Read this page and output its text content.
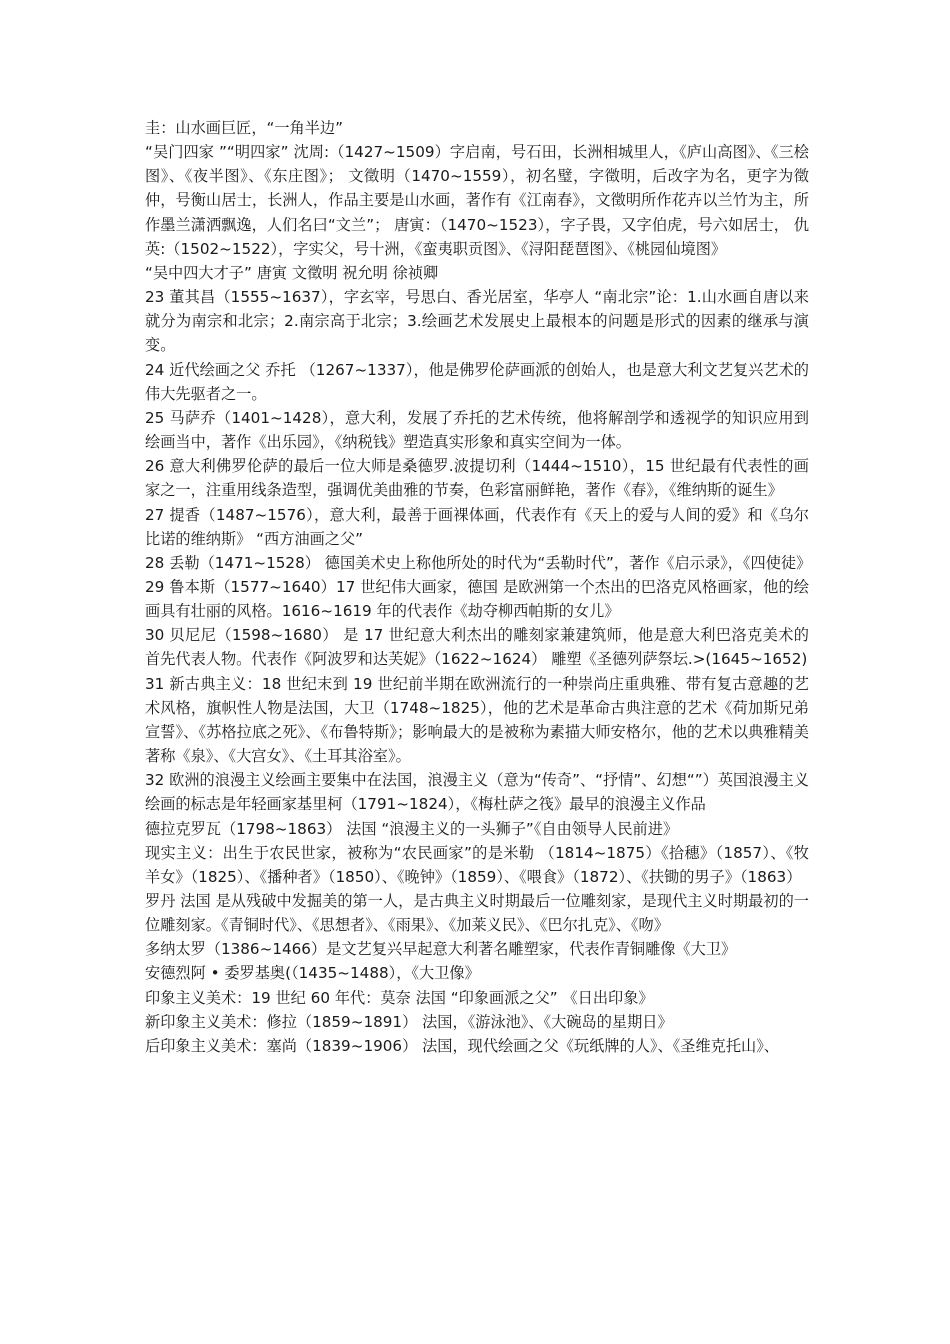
圭：山水画巨匠，“一角半边”

“吴门四家 ”“明四家” 沈周:（1427~1509）字启南，号石田，长洲相城里人，《庐山高图》、《三桧图》、《夜半图》、《东庄图》； 文徵明（1470~1559），初名璧，字徵明，后改字为名，更字为徵仲，号衡山居士，长洲人，作品主要是山水画，著作有《江南春》，文徵明所作花卉以兰竹为主，所作墨兰潇洒飘逸，人们名曰“文兰”； 唐寅：（1470~1523），字子畏，又字伯虎，号六如居士， 仇英:（1502~1522），字实父，号十洲，《蛮夷职贡图》、《浔阳琵琶图》、《桃园仙境图》

“吴中四大才子” 唐寅 文徵明 祝允明 徐祯卿

23 董其昌（1555~1637），字玄宰，号思白、香光居室，华亭人 “南北宗”论：1.山水画自唐以来就分为南宗和北宗；2.南宗高于北宗；3.绘画艺术发展史上最根本的问题是形式的因素的继承与演变。

24 近代绘画之父 乔托 （1267~1337），他是佛罗伦萨画派的创始人，也是意大利文艺复兴艺术的伟大先驱者之一。

25 马萨乔（1401~1428），意大利，发展了乔托的艺术传统，他将解剖学和透视学的知识应用到绘画当中，著作《出乐园》，《纳税钱》塑造真实形象和真实空间为一体。

26 意大利佛罗伦萨的最后一位大师是桑德罗.波提切利（1444~1510），15 世纪最有代表性的画家之一，注重用线条造型，强调优美曲雅的节奏，色彩富丽鲜艳，著作《春》，《维纳斯的诞生》

27 提香（1487~1576），意大利，最善于画裸体画，代表作有《天上的爱与人间的爱》和《乌尔比诺的维纳斯》 “西方油画之父”

28 丢勒（1471~1528） 德国美术史上称他所处的时代为“丢勒时代”，著作《启示录》，《四使徒》

29 鲁本斯（1577~1640）17 世纪伟大画家，德国 是欧洲第一个杰出的巴洛克风格画家，他的绘画具有壮丽的风格。1616~1619 年的代表作《劫夺柳西帕斯的女儿》

30 贝尼尼（1598~1680） 是 17 世纪意大利杰出的雕刻家兼建筑师，他是意大利巴洛克美术的首先代表人物。代表作《阿波罗和达芙妮》（1622~1624） 雕塑《圣德列萨祭坛.>(1645~1652)

31 新古典主义：18 世纪末到 19 世纪前半期在欧洲流行的一种崇尚庄重典雅、带有复古意趣的艺术风格，旗帜性人物是法国，大卫（1748~1825），他的艺术是革命古典注意的艺术《荷加斯兄弟宣誓》、《苏格拉底之死》、《布鲁特斯》；影响最大的是被称为素描大师安格尔，他的艺术以典雅精美著称《泉》、《大宫女》、《土耳其浴室》。

32 欧洲的浪漫主义绘画主要集中在法国，浪漫主义（意为“传奇”、“抒情”、幻想“”）英国浪漫主义绘画的标志是年轻画家基里柯（1791~1824），《梅杜萨之筏》最早的浪漫主义作品

德拉克罗瓦（1798~1863） 法国 “浪漫主义的一头狮子”《自由领导人民前进》

现实主义：出生于农民世家，被称为“农民画家”的是米勒 （1814~1875）《拾穗》（1857）、《牧羊女》（1825）、《播种者》（1850）、《晚钟》（1859）、《喂食》（1872）、《扶锄的男子》（1863）

罗丹 法国 是从残破中发掘美的第一人，是古典主义时期最后一位雕刻家，是现代主义时期最初的一位雕刻家。《青铜时代》、《思想者》、《雨果》、《加莱义民》、《巴尔扎克》、《吻》

多纳太罗（1386~1466）是文艺复兴早起意大利著名雕塑家，代表作青铜雕像《大卫》

安德烈阿 • 委罗基奥(（1435~1488），《大卫像》

印象主义美术：19 世纪 60 年代：莫奈 法国 “印象画派之父” 《日出印象》

新印象主义美术：修拉（1859~1891） 法国，《游泳池》、《大碗岛的星期日》

后印象主义美术：塞尚（1839~1906） 法国，现代绘画之父《玩纸牌的人》、《圣维克托山》、
